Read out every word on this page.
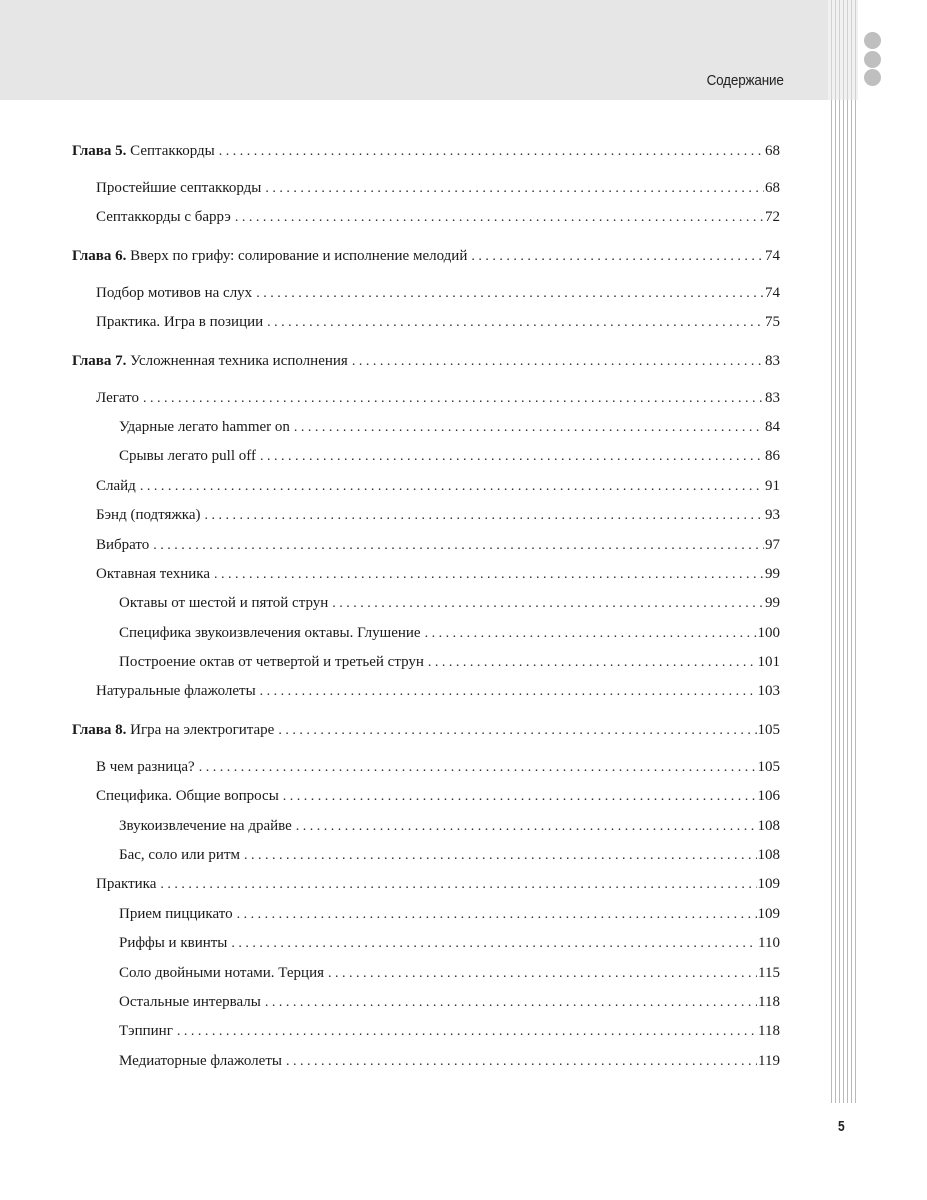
Содержание
Глава 5. Септаккорды . . .	68
Простейшие септаккорды . . .	68
Септаккорды с баррэ . . .	72
Глава 6. Вверх по грифу: солирование и исполнение мелодий . . .	74
Подбор мотивов на слух . . .	74
Практика. Игра в позиции . . .	75
Глава 7. Усложненная техника исполнения . . .	83
Легато . . .	83
Ударные легато hammer on . . .	84
Срывы легато pull off . . .	86
Слайд . . .	91
Бэнд (подтяжка) . . .	93
Вибрато . . .	97
Октавная техника . . .	99
Октавы от шестой и пятой струн . . .	99
Специфика звукоизвлечения октавы. Глушение . . .	100
Построение октав от четвертой и третьей струн . . .	101
Натуральные флажолеты . . .	103
Глава 8. Игра на электрогитаре . . .	105
В чем разница? . . .	105
Специфика. Общие вопросы . . .	106
Звукоизвлечение на драйве . . .	108
Бас, соло или ритм . . .	108
Практика . . .	109
Прием пиццикато . . .	109
Риффы и квинты . . .	110
Соло двойными нотами. Терция . . .	115
Остальные интервалы . . .	118
Тэппинг . . .	118
Медиаторные флажолеты . . .	119
5
